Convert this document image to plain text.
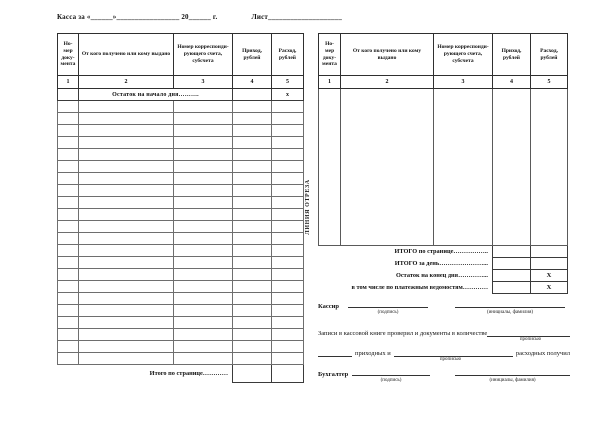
Касса за «______»_________________ 20______ г.	Лист____________________
Но-мер доку-мента	От кого получено или кому выдано	Номер корреспонди-рующего счета, субсчета	Приход, рублей	Расход, рублей
1	2	3	4	5
	Остаток на начало дня……….			х

Итого по странице…………				
ЛИНИЯ ОТРЕЗА
Но-мер доку-мента	От кого получено или кому выдано	Номер корреспонди-рующего счета, субсчета	Приход, рублей	Расход, рублей
1	2	3	4	5

ИТОГО по странице……………..				
ИТОГО за день…………………...				
Остаток на конец дня…………...				Х
в том числе по платежным ведомостям…………				Х
Кассир
(подпись)	(инициалы, фамилия)
Записи в кассовой книге проверил и документы в количестве
прописью
приходных и	расходных получил
прописью
Бухгалтер
(подпись)	(инициалы, фамилия)
